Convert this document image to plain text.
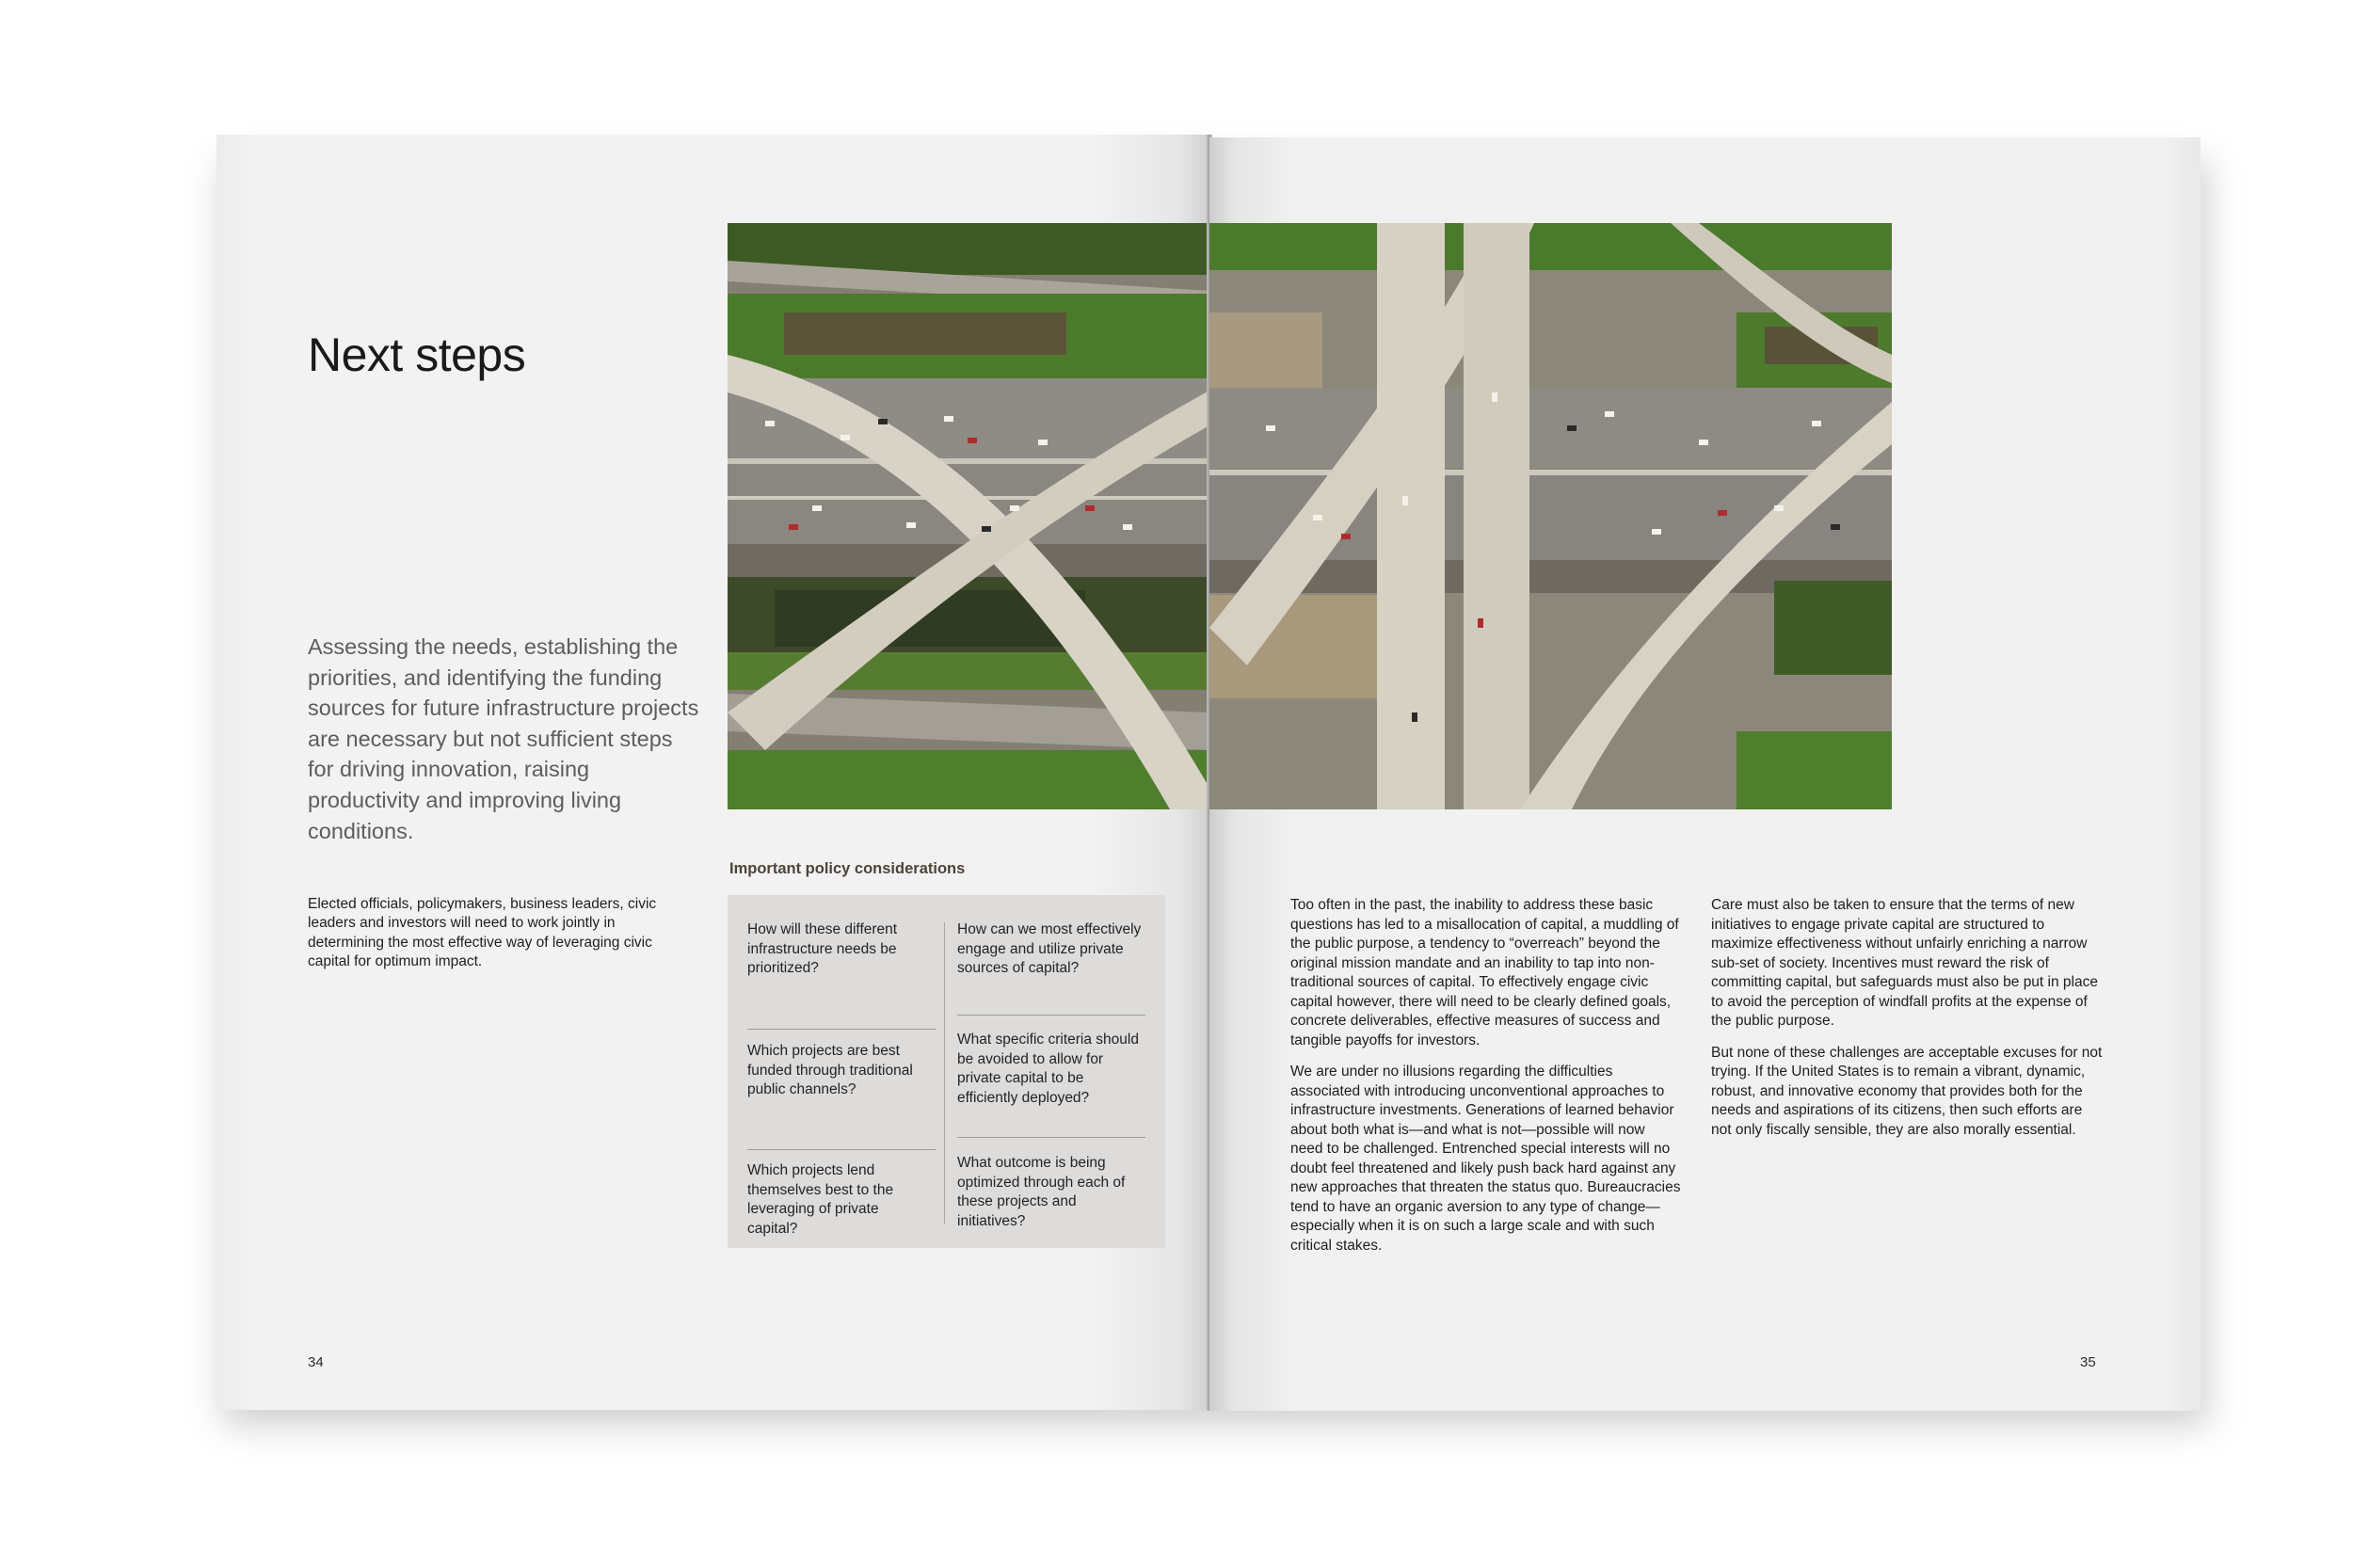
Next steps

Assessing the needs, establishing the priorities, and identifying the funding sources for future infrastructure projects are necessary but not sufficient steps for driving innovation, raising productivity and improving living conditions.

Elected officials, policymakers, business leaders, civic leaders and investors will need to work jointly in determining the most effective way of leveraging civic capital for optimum impact.

Important policy considerations

How will these different infrastructure needs be prioritized?

Which projects are best funded through traditional public channels?

Which projects lend themselves best to the leveraging of private capital?

How can we most effectively engage and utilize private sources of capital?

What specific criteria should be avoided to allow for private capital to be efficiently deployed?

What outcome is being optimized through each of these projects and initiatives?

34

Too often in the past, the inability to address these basic questions has led to a misallocation of capital, a muddling of the public purpose, a tendency to “overreach” beyond the original mission mandate and an inability to tap into non-traditional sources of capital. To effectively engage civic capital however, there will need to be clearly defined goals, concrete deliverables, effective measures of success and tangible payoffs for investors.

We are under no illusions regarding the difficulties associated with introducing unconventional approaches to infrastructure investments. Generations of learned behavior about both what is—and what is not—possible will now need to be challenged. Entrenched special interests will no doubt feel threatened and likely push back hard against any new approaches that threaten the status quo. Bureaucracies tend to have an organic aversion to any type of change—especially when it is on such a large scale and with such critical stakes.

Care must also be taken to ensure that the terms of new initiatives to engage private capital are structured to maximize effectiveness without unfairly enriching a narrow sub-set of society. Incentives must reward the risk of committing capital, but safeguards must also be put in place to avoid the perception of windfall profits at the expense of the public purpose.

But none of these challenges are acceptable excuses for not trying. If the United States is to remain a vibrant, dynamic, robust, and innovative economy that provides both for the needs and aspirations of its citizens, then such efforts are not only fiscally sensible, they are also morally essential.

35
